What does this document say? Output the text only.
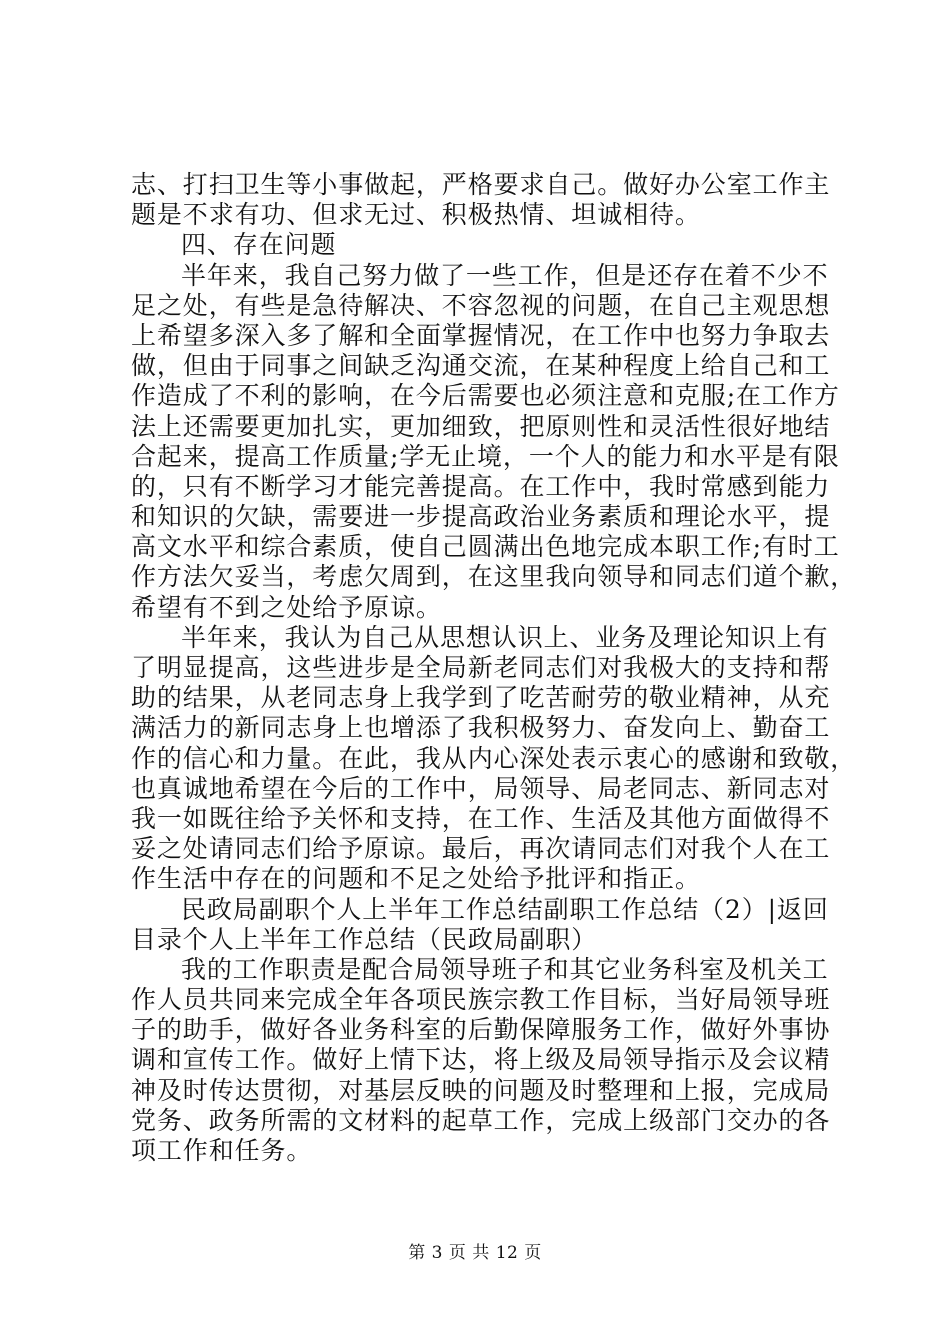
志、打扫卫生等小事做起，严格要求自己。做好办公室工作主
题是不求有功、但求无过、积极热情、坦诚相待。
四、存在问题
半年来，我自己努力做了一些工作，但是还存在着不少不
足之处，有些是急待解决、不容忽视的问题，在自己主观思想
上希望多深入多了解和全面掌握情况，在工作中也努力争取去
做，但由于同事之间缺乏沟通交流，在某种程度上给自己和工
作造成了不利的影响，在今后需要也必须注意和克服;在工作方
法上还需要更加扎实，更加细致，把原则性和灵活性很好地结
合起来，提高工作质量;学无止境，一个人的能力和水平是有限
的，只有不断学习才能完善提高。在工作中，我时常感到能力
和知识的欠缺，需要进一步提高政治业务素质和理论水平，提
高文水平和综合素质，使自己圆满出色地完成本职工作;有时工
作方法欠妥当，考虑欠周到，在这里我向领导和同志们道个歉，
希望有不到之处给予原谅。
半年来，我认为自己从思想认识上、业务及理论知识上有
了明显提高，这些进步是全局新老同志们对我极大的支持和帮
助的结果，从老同志身上我学到了吃苦耐劳的敬业精神，从充
满活力的新同志身上也增添了我积极努力、奋发向上、勤奋工
作的信心和力量。在此，我从内心深处表示衷心的感谢和致敬，
也真诚地希望在今后的工作中，局领导、局老同志、新同志对
我一如既往给予关怀和支持，在工作、生活及其他方面做得不
妥之处请同志们给予原谅。最后，再次请同志们对我个人在工
作生活中存在的问题和不足之处给予批评和指正。
民政局副职个人上半年工作总结副职工作总结（2）|返回
目录个人上半年工作总结（民政局副职）
我的工作职责是配合局领导班子和其它业务科室及机关工
作人员共同来完成全年各项民族宗教工作目标，当好局领导班
子的助手，做好各业务科室的后勤保障服务工作，做好外事协
调和宣传工作。做好上情下达，将上级及局领导指示及会议精
神及时传达贯彻，对基层反映的问题及时整理和上报，完成局
党务、政务所需的文材料的起草工作，完成上级部门交办的各
项工作和任务。
第 3 页 共 12 页
